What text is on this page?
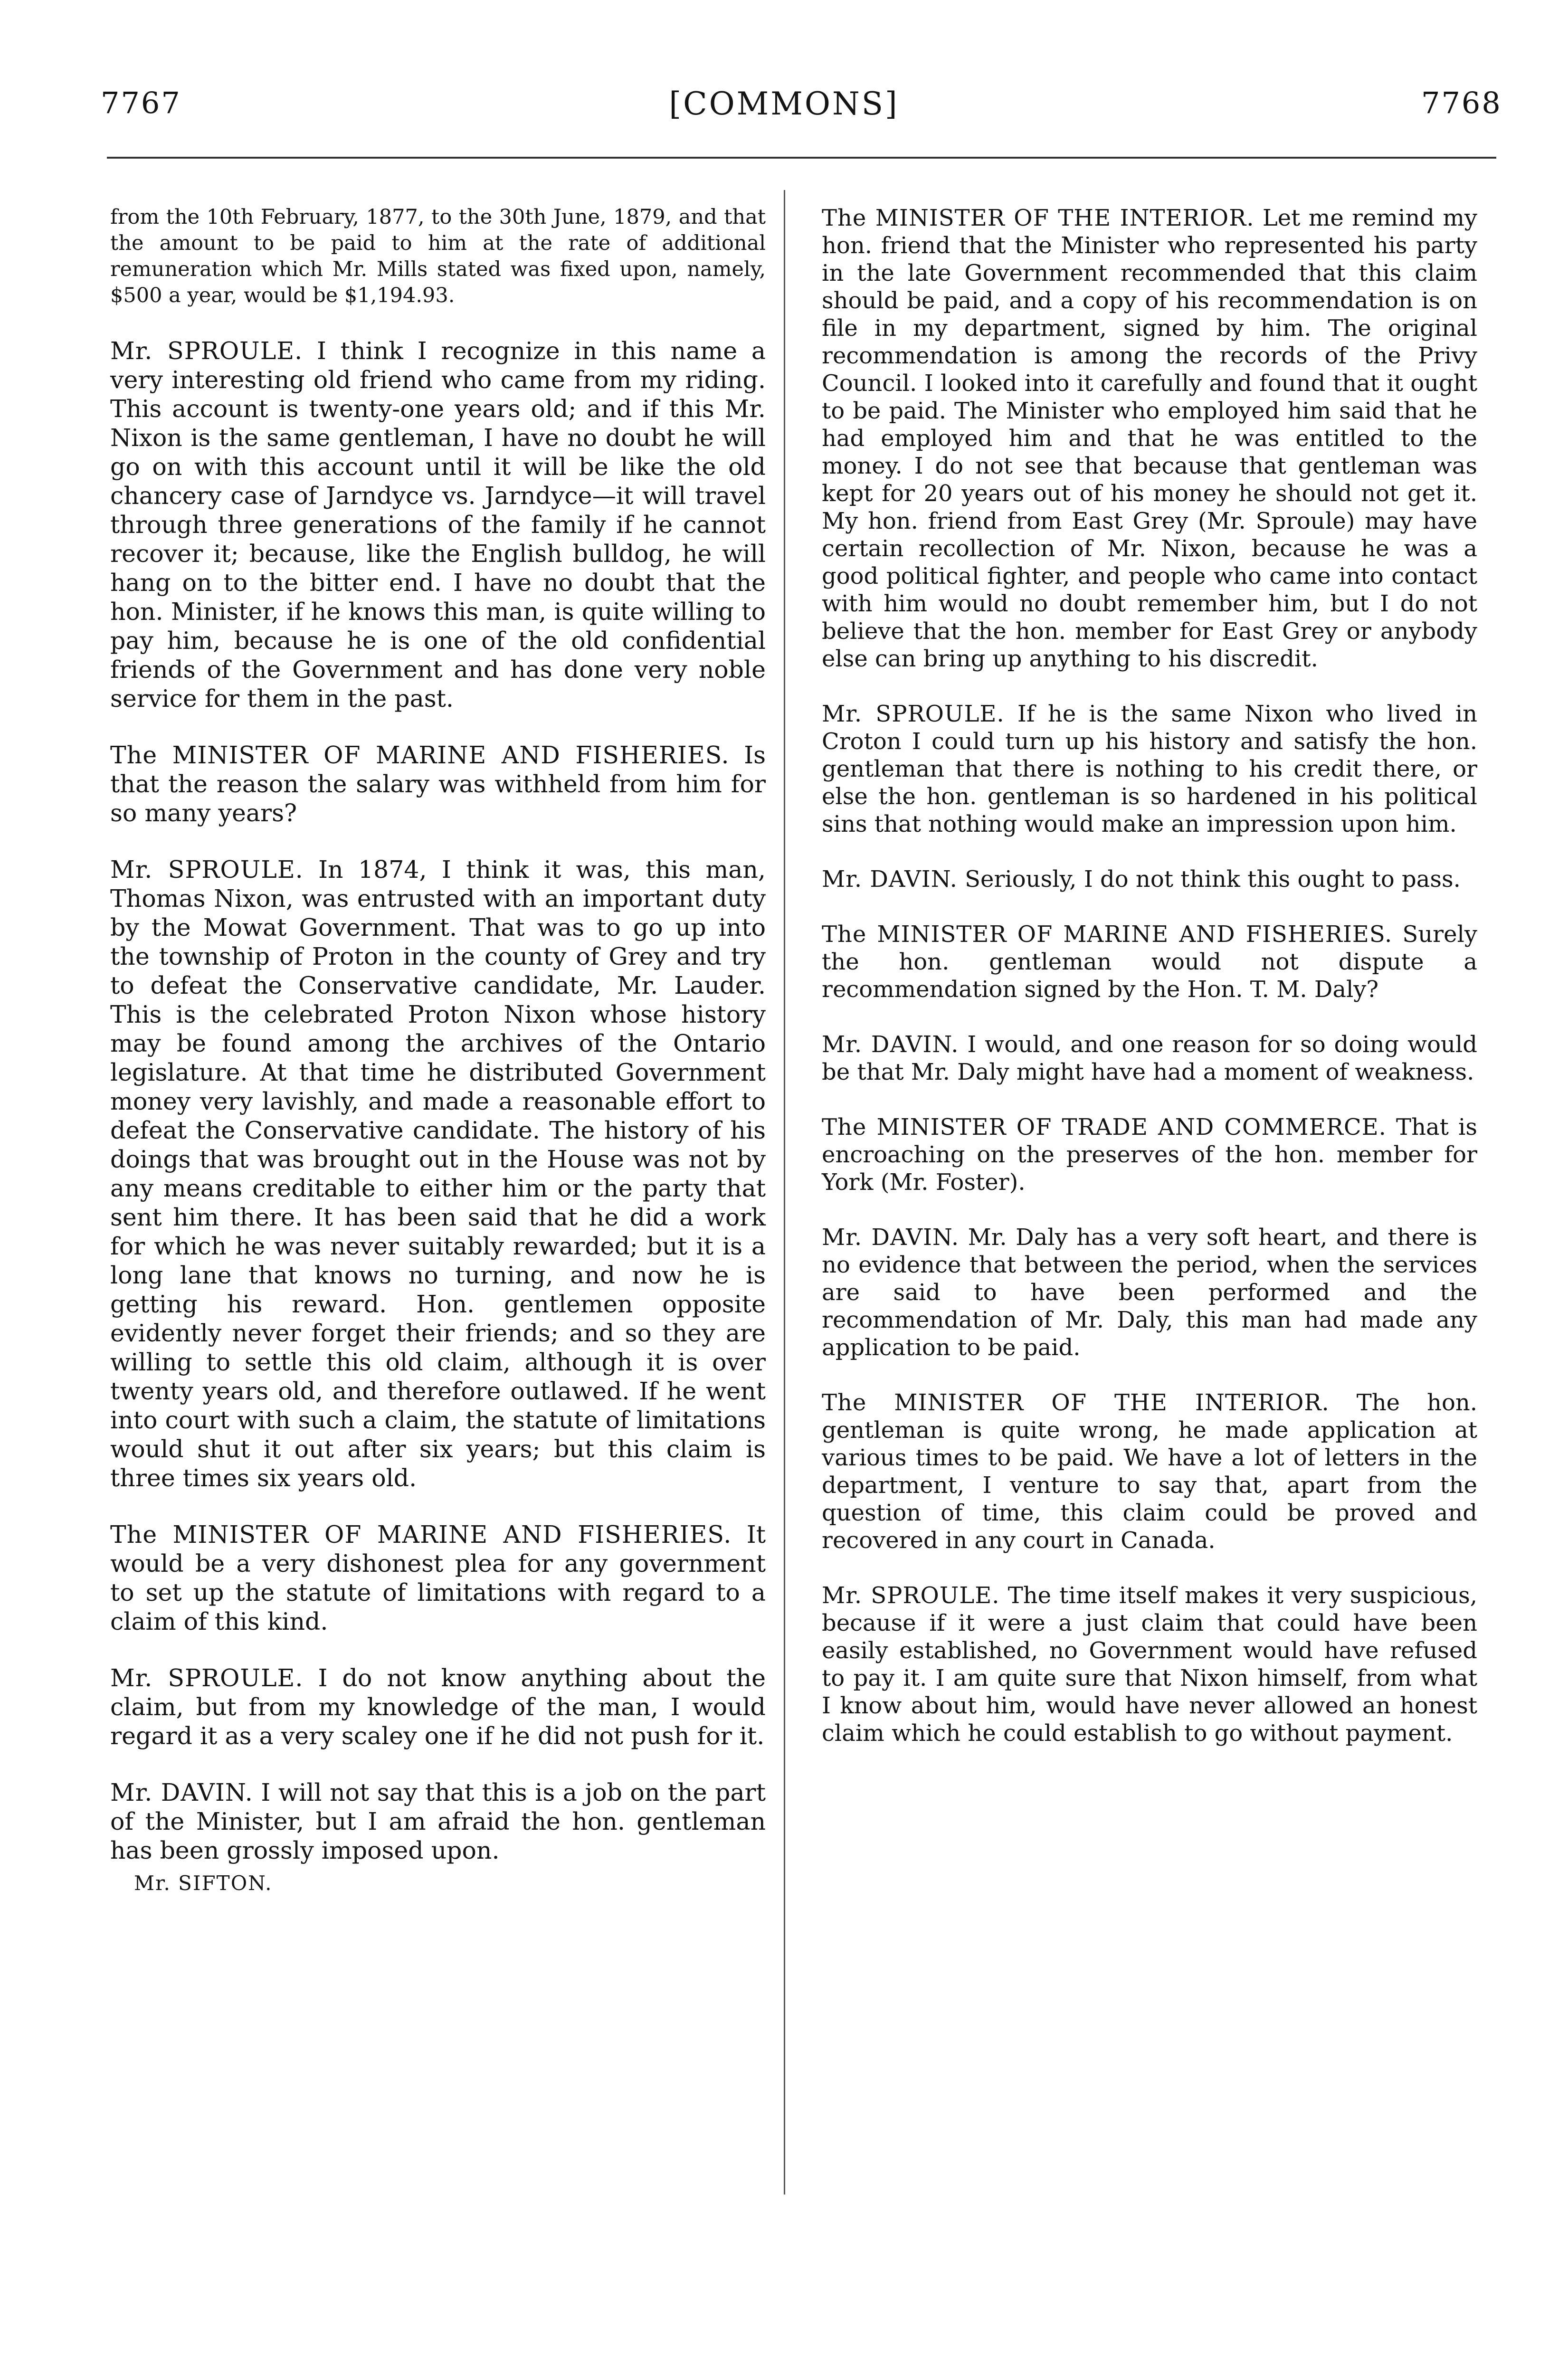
7767	[COMMONS]	7768

from the 10th February, 1877, to the 30th June, 1879, and that the amount to be paid to him at the rate of additional remuneration which Mr. Mills stated was fixed upon, namely, $500 a year, would be $1,194.93.

Mr. SPROULE. I think I recognize in this name a very interesting old friend who came from my riding. This account is twenty-one years old; and if this Mr. Nixon is the same gentleman, I have no doubt he will go on with this account until it will be like the old chancery case of Jarndyce vs. Jarndyce—it will travel through three generations of the family if he cannot recover it; because, like the English bulldog, he will hang on to the bitter end. I have no doubt that the hon. Minister, if he knows this man, is quite willing to pay him, because he is one of the old confidential friends of the Government and has done very noble service for them in the past.

The MINISTER OF MARINE AND FISHERIES. Is that the reason the salary was withheld from him for so many years?

Mr. SPROULE. In 1874, I think it was, this man, Thomas Nixon, was entrusted with an important duty by the Mowat Government. That was to go up into the township of Proton in the county of Grey and try to defeat the Conservative candidate, Mr. Lauder. This is the celebrated Proton Nixon whose history may be found among the archives of the Ontario legislature. At that time he distributed Government money very lavishly, and made a reasonable effort to defeat the Conservative candidate. The history of his doings that was brought out in the House was not by any means creditable to either him or the party that sent him there. It has been said that he did a work for which he was never suitably rewarded; but it is a long lane that knows no turning, and now he is getting his reward. Hon. gentlemen opposite evidently never forget their friends; and so they are willing to settle this old claim, although it is over twenty years old, and therefore outlawed. If he went into court with such a claim, the statute of limitations would shut it out after six years; but this claim is three times six years old.

The MINISTER OF MARINE AND FISHERIES. It would be a very dishonest plea for any government to set up the statute of limitations with regard to a claim of this kind.

Mr. SPROULE. I do not know anything about the claim, but from my knowledge of the man, I would regard it as a very scaley one if he did not push for it.

Mr. DAVIN. I will not say that this is a job on the part of the Minister, but I am afraid the hon. gentleman has been grossly imposed upon.

Mr. SIFTON.

The MINISTER OF THE INTERIOR. Let me remind my hon. friend that the Minister who represented his party in the late Government recommended that this claim should be paid, and a copy of his recommendation is on file in my department, signed by him. The original recommendation is among the records of the Privy Council. I looked into it carefully and found that it ought to be paid. The Minister who employed him said that he had employed him and that he was entitled to the money. I do not see that because that gentleman was kept for 20 years out of his money he should not get it. My hon. friend from East Grey (Mr. Sproule) may have certain recollection of Mr. Nixon, because he was a good political fighter, and people who came into contact with him would no doubt remember him, but I do not believe that the hon. member for East Grey or anybody else can bring up anything to his discredit.

Mr. SPROULE. If he is the same Nixon who lived in Croton I could turn up his history and satisfy the hon. gentleman that there is nothing to his credit there, or else the hon. gentleman is so hardened in his political sins that nothing would make an impression upon him.

Mr. DAVIN. Seriously, I do not think this ought to pass.

The MINISTER OF MARINE AND FISHERIES. Surely the hon. gentleman would not dispute a recommendation signed by the Hon. T. M. Daly?

Mr. DAVIN. I would, and one reason for so doing would be that Mr. Daly might have had a moment of weakness.

The MINISTER OF TRADE AND COMMERCE. That is encroaching on the preserves of the hon. member for York (Mr. Foster).

Mr. DAVIN. Mr. Daly has a very soft heart, and there is no evidence that between the period, when the services are said to have been performed and the recommendation of Mr. Daly, this man had made any application to be paid.

The MINISTER OF THE INTERIOR. The hon. gentleman is quite wrong, he made application at various times to be paid. We have a lot of letters in the department, I venture to say that, apart from the question of time, this claim could be proved and recovered in any court in Canada.

Mr. SPROULE. The time itself makes it very suspicious, because if it were a just claim that could have been easily established, no Government would have refused to pay it. I am quite sure that Nixon himself, from what I know about him, would have never allowed an honest claim which he could establish to go without payment.
